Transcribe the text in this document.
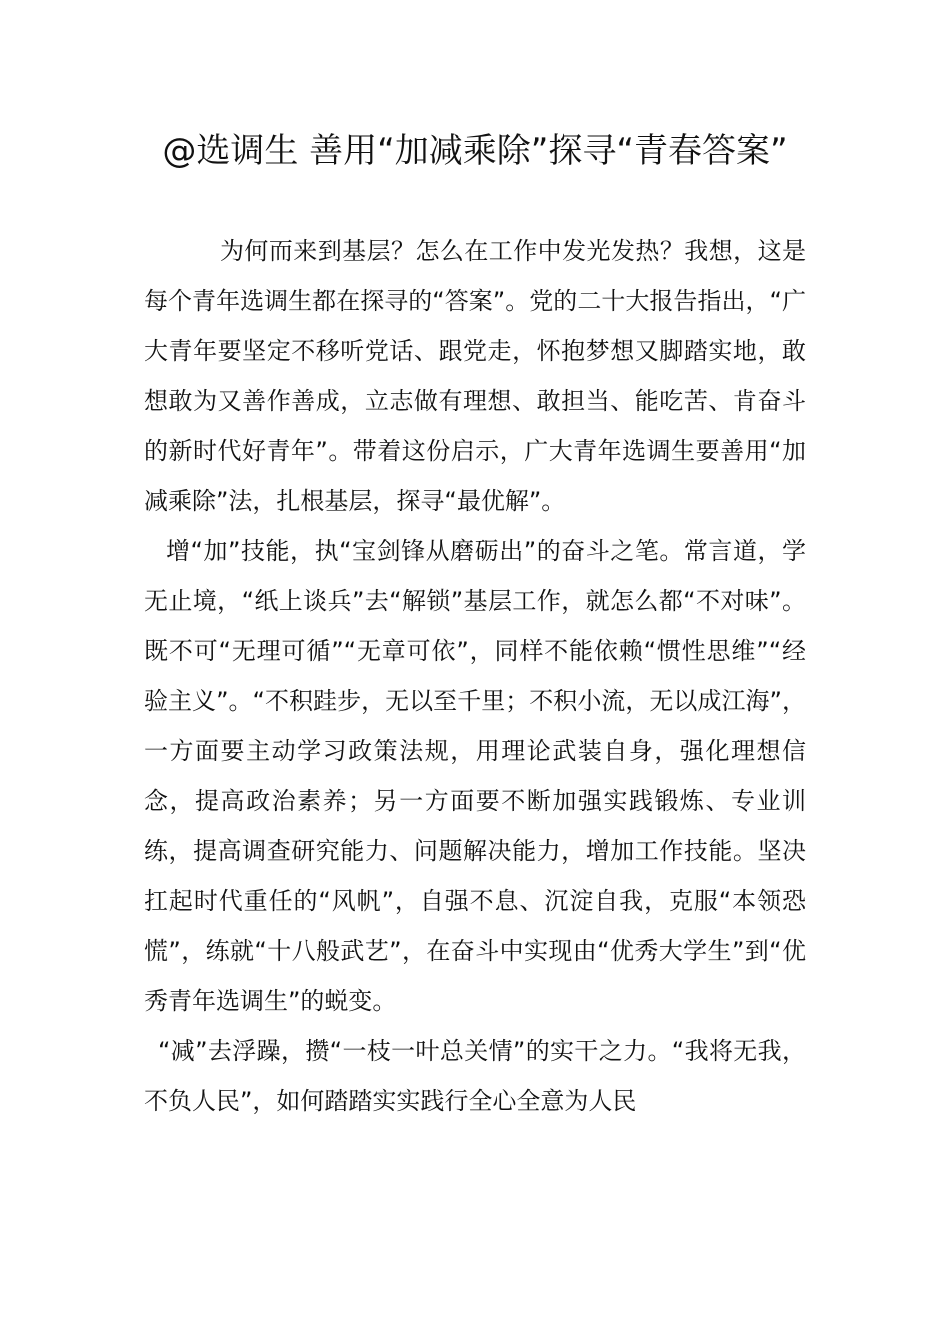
@选调生 善用“加减乘除”探寻“青春答案”

为何而来到基层？怎么在工作中发光发热？我想，这是每个青年选调生都在探寻的“答案”。党的二十大报告指出，“广大青年要坚定不移听党话、跟党走，怀抱梦想又脚踏实地，敢想敢为又善作善成，立志做有理想、敢担当、能吃苦、肯奋斗的新时代好青年”。带着这份启示，广大青年选调生要善用“加减乘除”法，扎根基层，探寻“最优解”。

增“加”技能，执“宝剑锋从磨砺出”的奋斗之笔。常言道，学无止境，“纸上谈兵”去“解锁”基层工作，就怎么都“不对味”。既不可“无理可循”“无章可依”，同样不能依赖“惯性思维”“经验主义”。“不积跬步，无以至千里；不积小流，无以成江海”，一方面要主动学习政策法规，用理论武装自身，强化理想信念，提高政治素养；另一方面要不断加强实践锻炼、专业训练，提高调查研究能力、问题解决能力，增加工作技能。坚决扛起时代重任的“风帆”，自强不息、沉淀自我，克服“本领恐慌”，练就“十八般武艺”，在奋斗中实现由“优秀大学生”到“优秀青年选调生”的蜕变。

“减”去浮躁，攒“一枝一叶总关情”的实干之力。“我将无我，不负人民”，如何踏踏实实践行全心全意为人民
